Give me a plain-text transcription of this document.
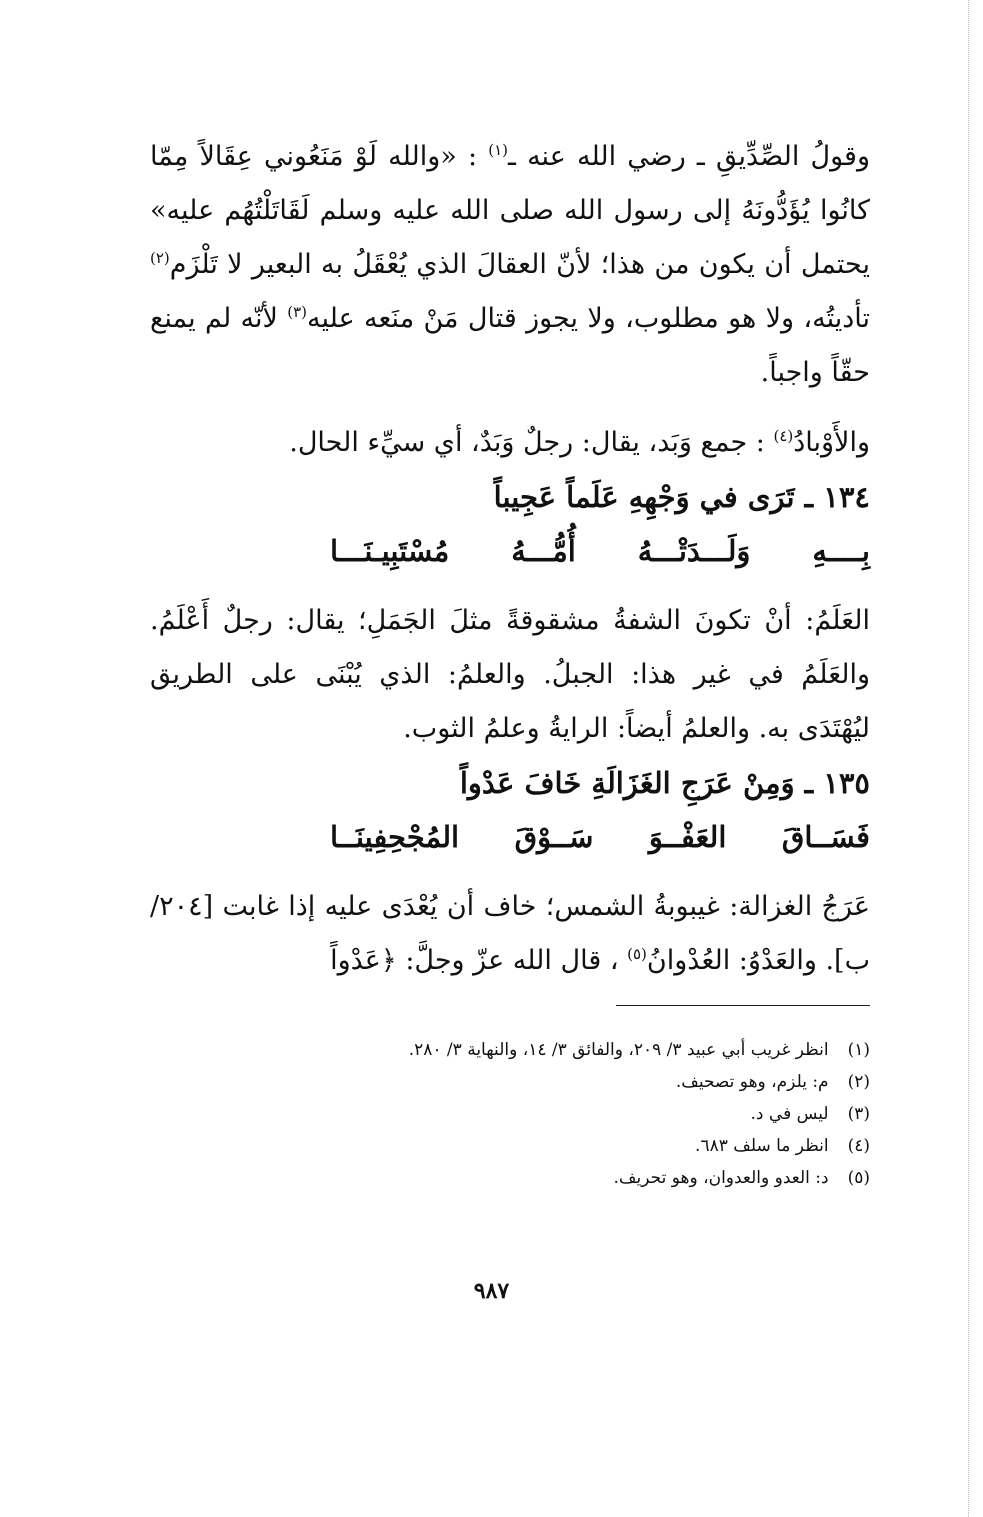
وقولُ الصِّدِّيقِ ـ رضي الله عنه ـ$^{(١)}$ : «والله لَوْ مَنَعُوني عِقَالاً مِمّا كانُوا يُؤَدُّونَهُ إلى رسول الله صلى الله عليه وسلم لَقَاتَلْتُهُم عليه» يحتمل أن يكون من هذا؛ لأنّ العقالَ الذي يُعْقَلُ به البعير لا تَلْزَم$^{(٢)}$ تأديتُه، ولا هو مطلوب، ولا يجوز قتال مَنْ منَعه عليه$^{(٣)}$ لأنّه لم يمنع حقّاً واجباً.

والأَوْبادُ$^{(٤)}$ : جمع وَبَد، يقال: رجلٌ وَبَدٌ، أي سيِّء الحال.

١٣٤ ـ تَرَى في وَجْهِهِ عَلَماً عَجِيباً

بِــــهِ وَلَـــدَتْـــهُ أُمُّـــهُ مُسْتَبِيـنَـــا

العَلَمُ: أنْ تكونَ الشفةُ مشقوقةً مثلَ الجَمَلِ؛ يقال: رجلٌ أَعْلَمُ. والعَلَمُ في غير هذا: الجبلُ. والعلمُ: الذي يُبْنَى على الطريق ليُهْتَدَى به. والعلمُ أيضاً: الرايةُ وعلمُ الثوب.

١٣٥ ـ وَمِنْ عَرَجِ الغَزَالَةِ خَافَ عَدْواً

فَسَــاقَ العَفْــوَ سَــوْقَ المُجْحِفِينَــا

عَرَجُ الغزالة: غيبوبةُ الشمس؛ خاف أن يُعْدَى عليه إذا غابت [٢٠٤/ب]. والعَدْوُ: العُدْوانُ$^{(٥)}$ ، قال الله عزّ وجلَّ: ﴿عَدْواً

(١) انظر غريب أبي عبيد ٣/ ٢٠٩، والفائق ٣/ ١٤، والنهاية ٣/ ٢٨٠.
(٢) م: يلزم، وهو تصحيف.
(٣) ليس في د.
(٤) انظر ما سلف ٦٨٣.
(٥) د: العدو والعدوان، وهو تحريف.
٩٨٧
